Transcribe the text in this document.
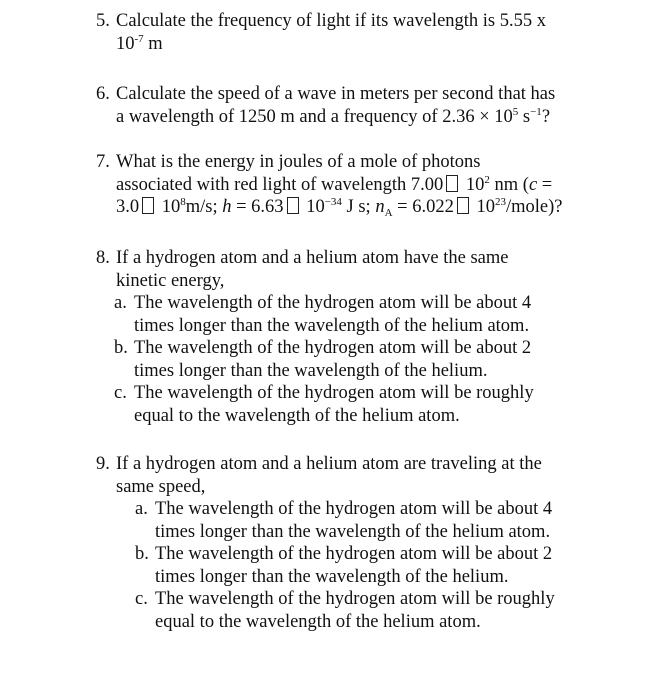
5. Calculate the frequency of light if its wavelength is 5.55 x
$10^{-7}$ m
6. Calculate the speed of a wave in meters per second that has
a wavelength of 1250 m and a frequency of $2.36 \times 10^5$ $s^{-1}$?
7. What is the energy in joules of a mole of photons
associated with red light of wavelength 7.00 $10^2$ nm (c =
3.0 $10^8m/s$; h = 6.63 $10^{-34}$ J s; $n_A = 6.022$ $10^{23}/mole$)?
8. If a hydrogen atom and a helium atom have the same
kinetic energy,
a. The wavelength of the hydrogen atom will be about 4
times longer than the wavelength of the helium atom.
b. The wavelength of the hydrogen atom will be about 2
times longer than the wavelength of the helium.
c. The wavelength of the hydrogen atom will be roughly
equal to the wavelength of the helium atom.
9. If a hydrogen atom and a helium atom are traveling at the
same speed,
a. The wavelength of the hydrogen atom will be about 4
times longer than the wavelength of the helium atom.
b. The wavelength of the hydrogen atom will be about 2
times longer than the wavelength of the helium.
c. The wavelength of the hydrogen atom will be roughly
equal to the wavelength of the helium atom.
